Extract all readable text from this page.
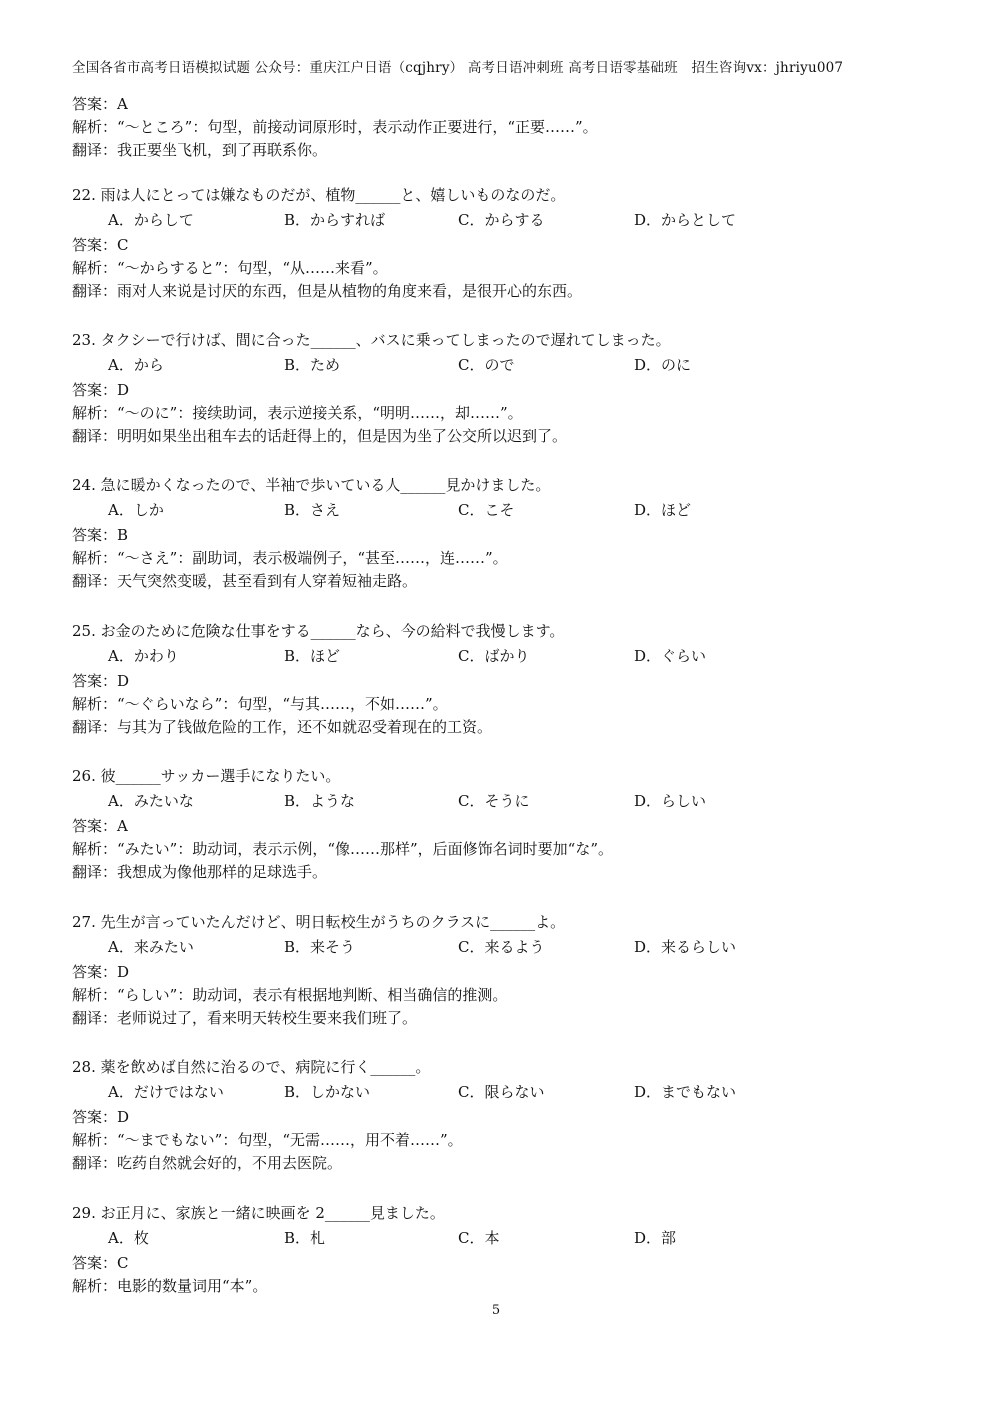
全国各省市高考日语模拟试题 公众号：重庆江户日语（cqjhry） 高考日语冲刺班 高考日语零基础班　招生咨询vx：jhriyu007
答案：A
解析：“～ところ”：句型，前接动词原形时，表示动作正要进行，“正要……”。
翻译：我正要坐飞机，到了再联系你。
22. 雨は人にとっては嫌なものだが、植物______と、嬉しいものなのだ。
A．からして	B．からすれば	C．からする	D．からとして
答案：C
解析：“～からすると”：句型，“从……来看”。
翻译：雨对人来说是讨厌的东西，但是从植物的角度来看，是很开心的东西。
23. タクシーで行けば、間に合った______、バスに乗ってしまったので遅れてしまった。
A．から	B．ため	C．ので	D．のに
答案：D
解析：“～のに”：接续助词，表示逆接关系，“明明……，却……”。
翻译：明明如果坐出租车去的话赶得上的，但是因为坐了公交所以迟到了。
24. 急に暖かくなったので、半袖で歩いている人______見かけました。
A．しか	B．さえ	C．こそ	D．ほど
答案：B
解析：“～さえ”：副助词，表示极端例子，“甚至……，连……”。
翻译：天气突然变暖，甚至看到有人穿着短袖走路。
25. お金のために危険な仕事をする______なら、今の給料で我慢します。
A．かわり	B．ほど	C．ばかり	D．ぐらい
答案：D
解析：“～ぐらいなら”：句型，“与其……，不如……”。
翻译：与其为了钱做危险的工作，还不如就忍受着现在的工资。
26. 彼______サッカー選手になりたい。
A．みたいな	B．ような	C．そうに	D．らしい
答案：A
解析：“みたい”：助动词，表示示例，“像……那样”，后面修饰名词时要加“な”。
翻译：我想成为像他那样的足球选手。
27. 先生が言っていたんだけど、明日転校生がうちのクラスに______よ。
A．来みたい	B．来そう	C．来るよう	D．来るらしい
答案：D
解析：“らしい”：助动词，表示有根据地判断、相当确信的推测。
翻译：老师说过了，看来明天转校生要来我们班了。
28. 薬を飲めば自然に治るので、病院に行く______。
A．だけではない	B．しかない	C．限らない	D．までもない
答案：D
解析：“～までもない”：句型，“无需……，用不着……”。
翻译：吃药自然就会好的，不用去医院。
29. お正月に、家族と一緒に映画を 2______見ました。
A．枚	B．札	C．本	D．部
答案：C
解析：电影的数量词用“本”。
5
